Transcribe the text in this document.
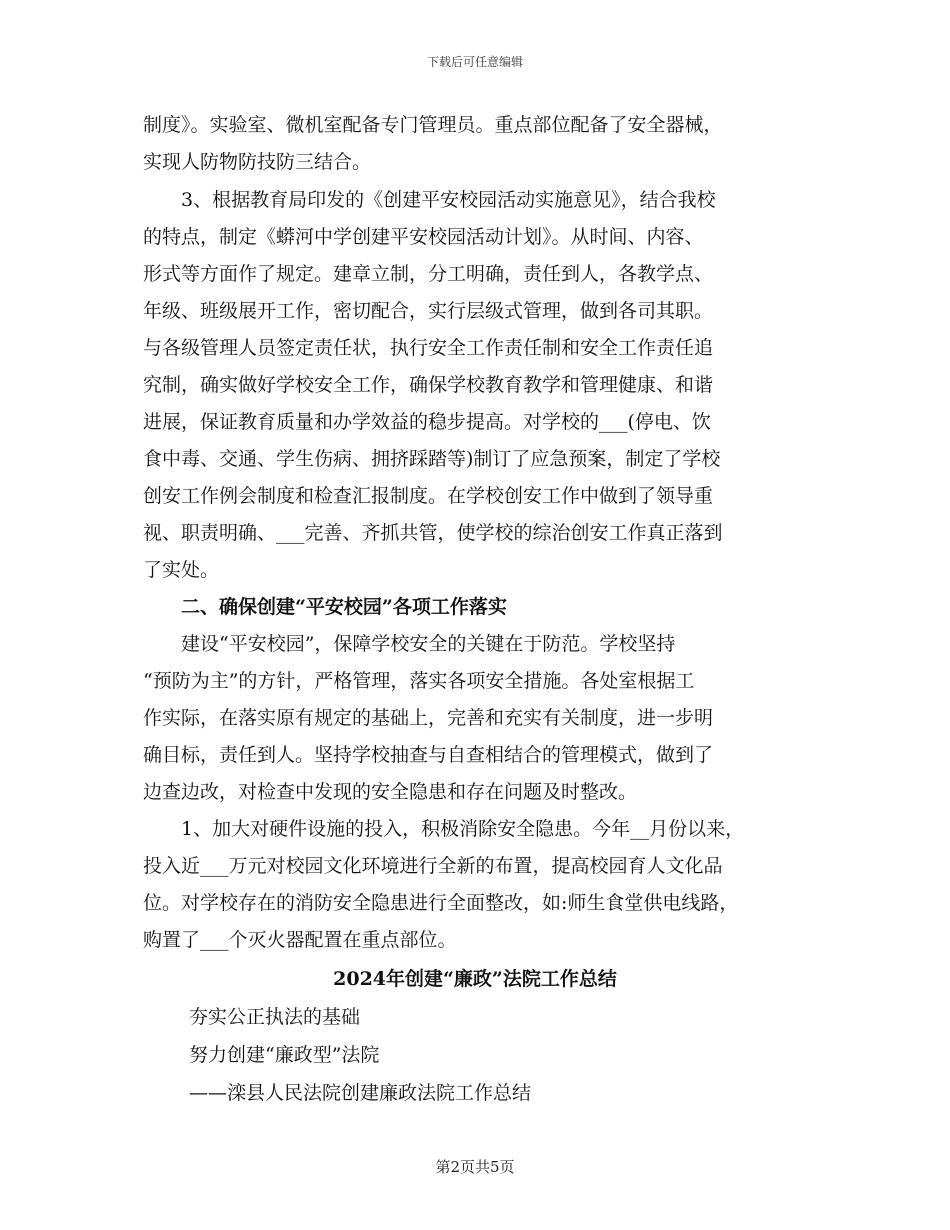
下载后可任意编辑
制度》。实验室、微机室配备专门管理员。重点部位配备了安全器械，
实现人防物防技防三结合。
3、根据教育局印发的《创建平安校园活动实施意见》，结合我校
的特点，制定《蟒河中学创建平安校园活动计划》。从时间、内容、
形式等方面作了规定。建章立制，分工明确，责任到人，各教学点、
年级、班级展开工作，密切配合，实行层级式管理，做到各司其职。
与各级管理人员签定责任状，执行安全工作责任制和安全工作责任追
究制，确实做好学校安全工作，确保学校教育教学和管理健康、和谐
进展，保证教育质量和办学效益的稳步提高。对学校的___(停电、饮
食中毒、交通、学生伤病、拥挤踩踏等)制订了应急预案，制定了学校
创安工作例会制度和检查汇报制度。在学校创安工作中做到了领导重
视、职责明确、___完善、齐抓共管，使学校的综治创安工作真正落到
了实处。
二、确保创建“平安校园”各项工作落实
建设“平安校园”，保障学校安全的关键在于防范。学校坚持
“预防为主”的方针，严格管理，落实各项安全措施。各处室根据工
作实际，在落实原有规定的基础上，完善和充实有关制度，进一步明
确目标，责任到人。坚持学校抽查与自查相结合的管理模式，做到了
边查边改，对检查中发现的安全隐患和存在问题及时整改。
1、加大对硬件设施的投入，积极消除安全隐患。今年__月份以来，
投入近___万元对校园文化环境进行全新的布置，提高校园育人文化品
位。对学校存在的消防安全隐患进行全面整改，如:师生食堂供电线路，
购置了___个灭火器配置在重点部位。
2024年创建“廉政”法院工作总结
夯实公正执法的基础
努力创建“廉政型”法院
——滦县人民法院创建廉政法院工作总结
第2页共5页
